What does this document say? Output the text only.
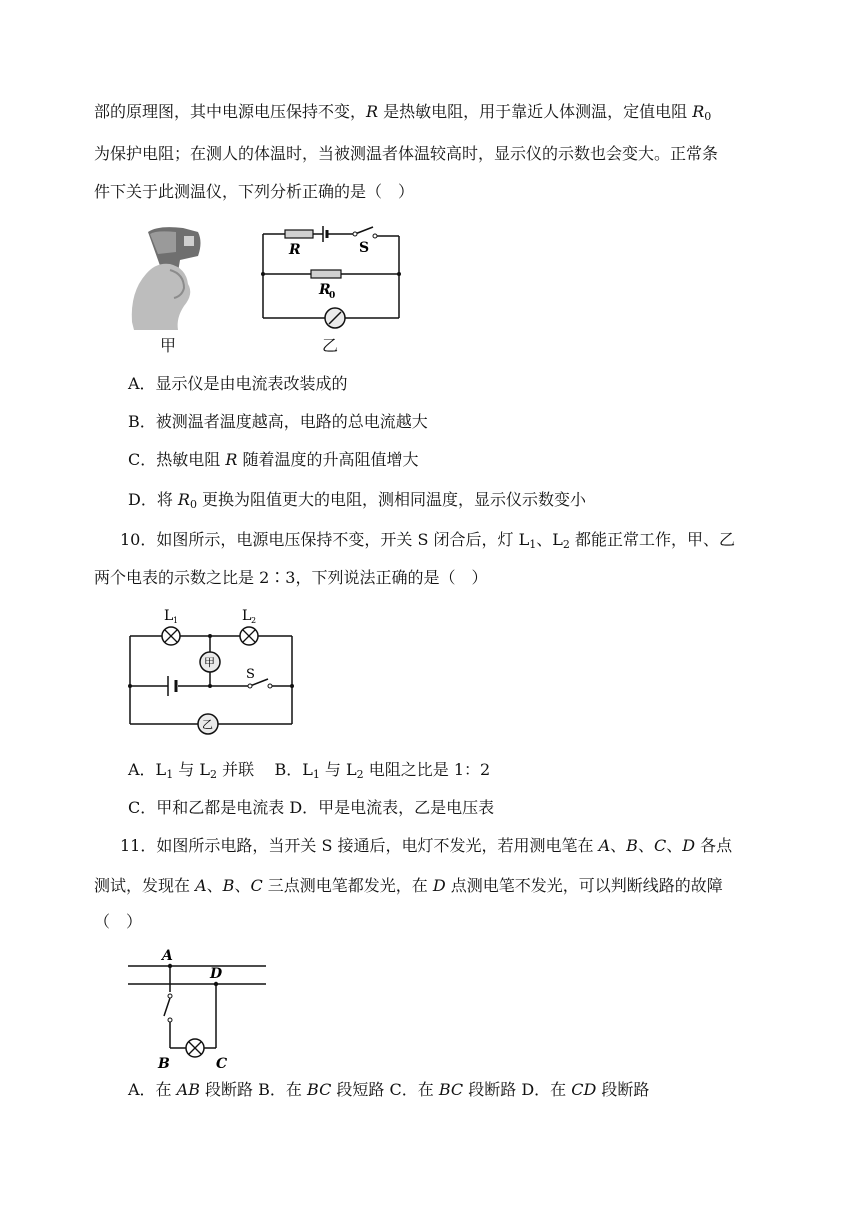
部的原理图，其中电源电压保持不变，R 是热敏电阻，用于靠近人体测温，定值电阻 $R_0$
为保护电阻；在测人的体温时，当被测温者体温较高时，显示仪的示数也会变大。正常条
件下关于此测温仪，下列分析正确的是（　）
甲
R	S
R
0
乙
A．显示仪是由电流表改装成的
B．被测温者温度越高，电路的总电流越大
C．热敏电阻 R 随着温度的升高阻值增大
D．将 $R_0$ 更换为阻值更大的电阻，测相同温度，显示仪示数变小
10．如图所示，电源电压保持不变，开关 S 闭合后，灯 $L_1$、$L_2$ 都能正常工作，甲、乙
两个电表的示数之比是 2∶3，下列说法正确的是（　）
L 1	L 2
甲
乙
S
A．$L_1$ 与 $L_2$ 并联 B．$L_1$ 与 $L_2$ 电阻之比是 1：2
C．甲和乙都是电流表 D．甲是电流表，乙是电压表
11．如图所示电路，当开关 S 接通后，电灯不发光，若用测电笔在 A、B、C、D 各点
测试，发现在 A、B、C 三点测电笔都发光，在 D 点测电笔不发光，可以判断线路的故障
（　）
A
D
B	C
A．在 AB 段断路 B．在 BC 段短路 C．在 BC 段断路 D．在 CD 段断路
